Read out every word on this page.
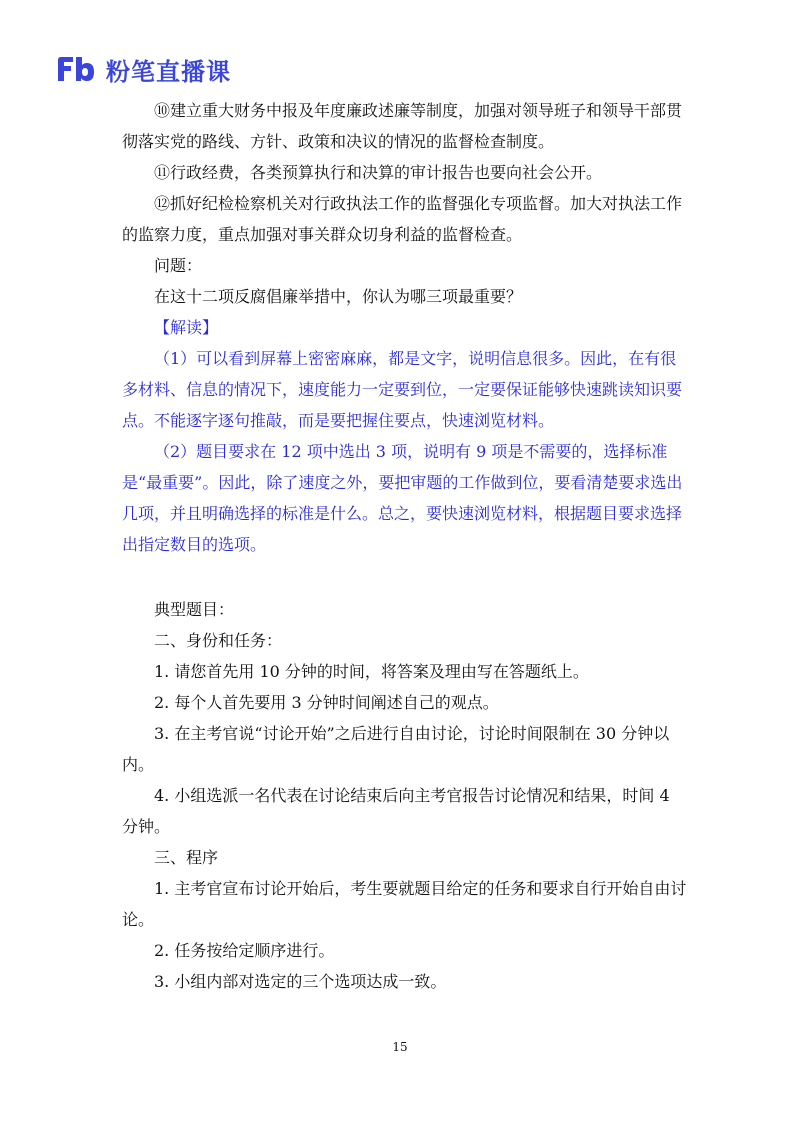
粉笔直播课

⑩建立重大财务中报及年度廉政述廉等制度，加强对领导班子和领导干部贯彻落实党的路线、方针、政策和决议的情况的监督检查制度。

⑪行政经费，各类预算执行和决算的审计报告也要向社会公开。

⑫抓好纪检检察机关对行政执法工作的监督强化专项监督。加大对执法工作的监察力度，重点加强对事关群众切身利益的监督检查。

问题：

在这十二项反腐倡廉举措中，你认为哪三项最重要？

【解读】

（1）可以看到屏幕上密密麻麻，都是文字，说明信息很多。因此，在有很多材料、信息的情况下，速度能力一定要到位，一定要保证能够快速跳读知识要点。不能逐字逐句推敲，而是要把握住要点，快速浏览材料。

（2）题目要求在 12 项中选出 3 项，说明有 9 项是不需要的，选择标准是“最重要”。因此，除了速度之外，要把审题的工作做到位，要看清楚要求选出几项，并且明确选择的标准是什么。总之，要快速浏览材料，根据题目要求选择出指定数目的选项。

典型题目：

二、身份和任务：

1. 请您首先用 10 分钟的时间，将答案及理由写在答题纸上。

2. 每个人首先要用 3 分钟时间阐述自己的观点。

3. 在主考官说“讨论开始”之后进行自由讨论，讨论时间限制在 30 分钟以内。

4. 小组选派一名代表在讨论结束后向主考官报告讨论情况和结果，时间 4 分钟。

三、程序

1. 主考官宣布讨论开始后，考生要就题目给定的任务和要求自行开始自由讨论。

2. 任务按给定顺序进行。

3. 小组内部对选定的三个选项达成一致。

15
